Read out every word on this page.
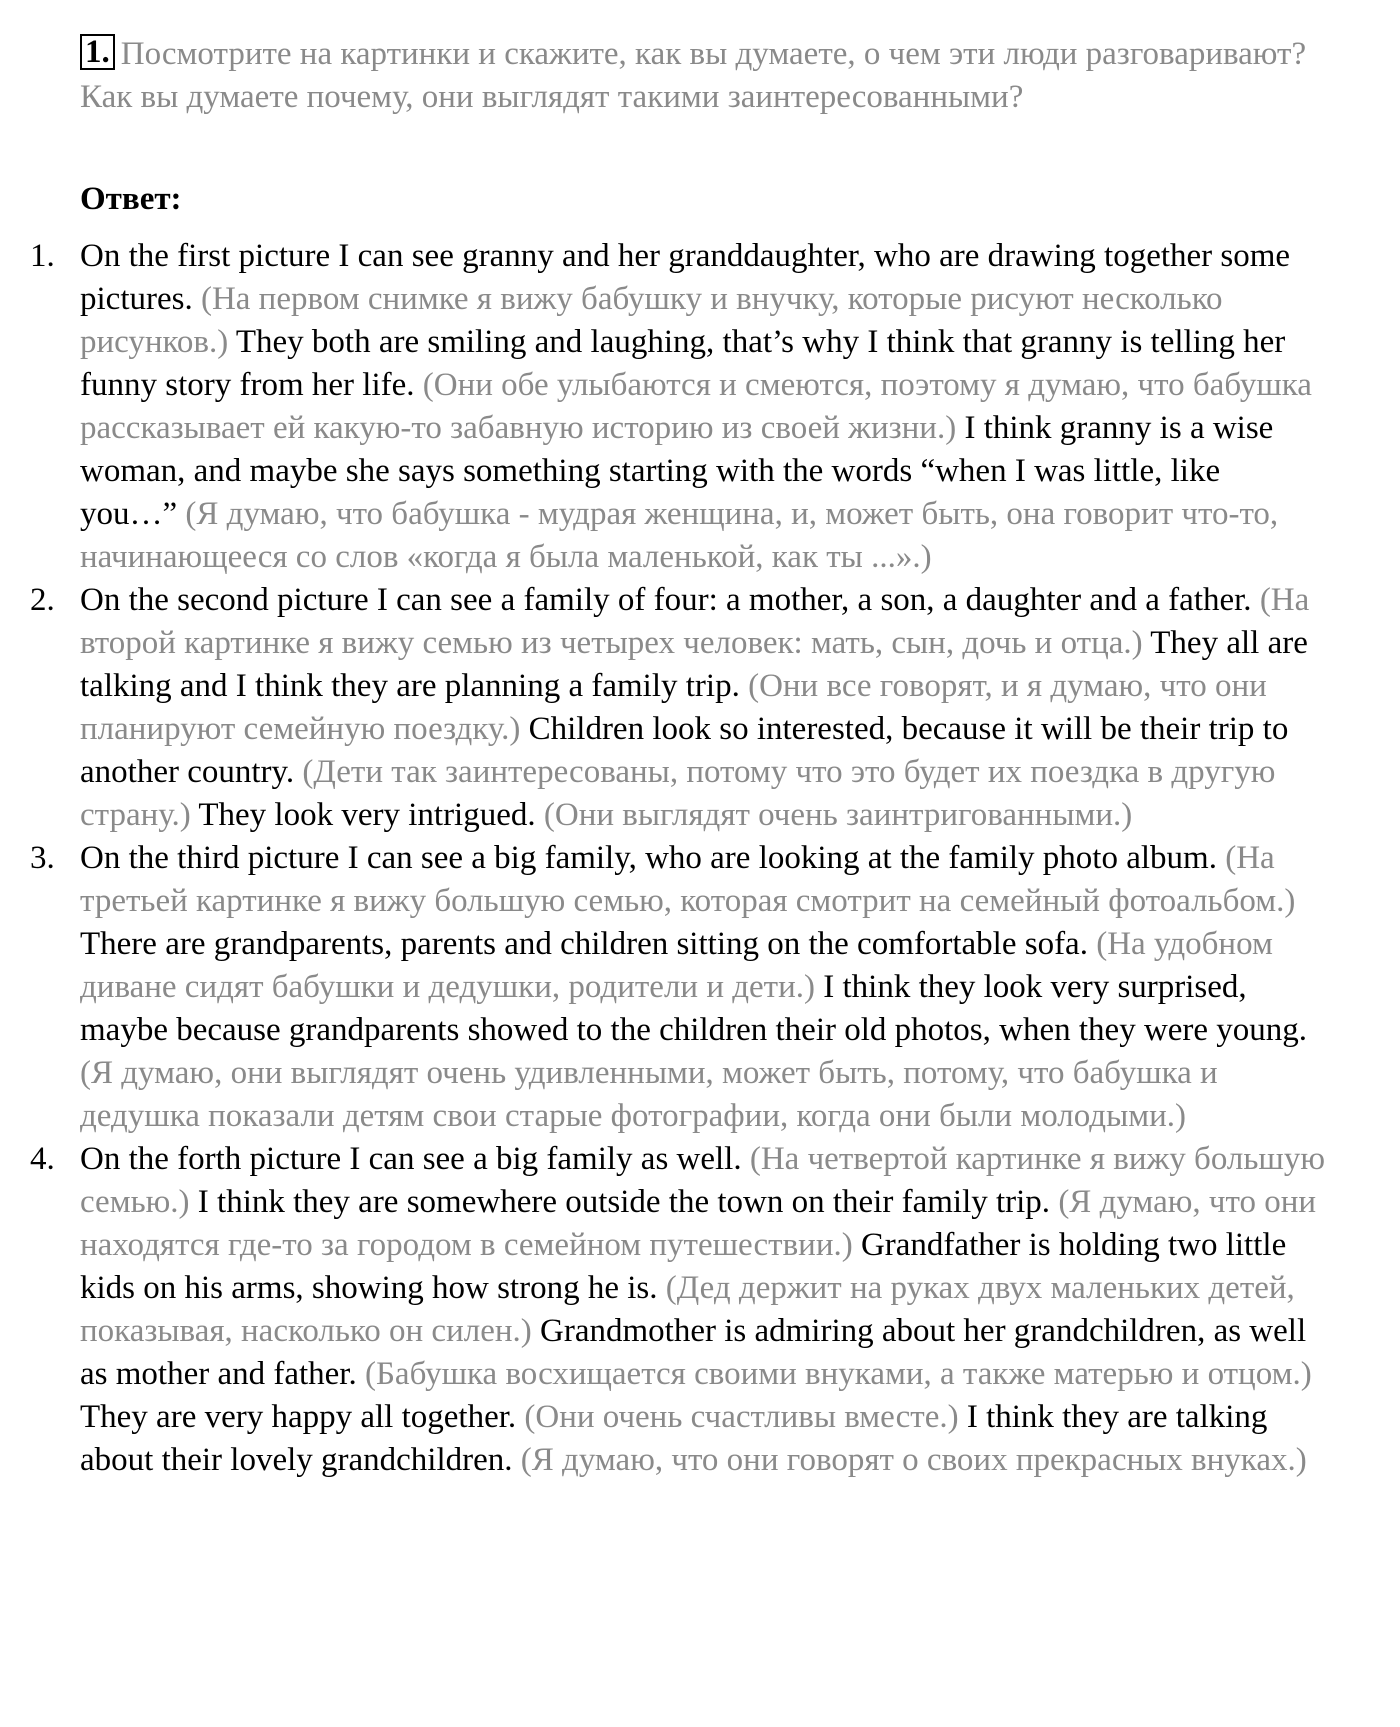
1. Посмотрите на картинки и скажите, как вы думаете, о чем эти люди разговаривают? Как вы думаете почему, они выглядят такими заинтересованными?
Ответ:
1. On the first picture I can see granny and her granddaughter, who are drawing together some pictures. (На первом снимке я вижу бабушку и внучку, которые рисуют несколько рисунков.) They both are smiling and laughing, that’s why I think that granny is telling her funny story from her life. (Они обе улыбаются и смеются, поэтому я думаю, что бабушка рассказывает ей какую-то забавную историю из своей жизни.) I think granny is a wise woman, and maybe she says something starting with the words “when I was little, like you…” (Я думаю, что бабушка - мудрая женщина, и, может быть, она говорит что-то, начинающееся со слов «когда я была маленькой, как ты ...».)
2. On the second picture I can see a family of four: a mother, a son, a daughter and a father. (На второй картинке я вижу семью из четырех человек: мать, сын, дочь и отца.) They all are talking and I think they are planning a family trip. (Они все говорят, и я думаю, что они планируют семейную поездку.) Children look so interested, because it will be their trip to another country. (Дети так заинтересованы, потому что это будет их поездка в другую страну.) They look very intrigued. (Они выглядят очень заинтригованными.)
3. On the third picture I can see a big family, who are looking at the family photo album. (На третьей картинке я вижу большую семью, которая смотрит на семейный фотоальбом.) There are grandparents, parents and children sitting on the comfortable sofa. (На удобном диване сидят бабушки и дедушки, родители и дети.) I think they look very surprised, maybe because grandparents showed to the children their old photos, when they were young. (Я думаю, они выглядят очень удивленными, может быть, потому, что бабушка и дедушка показали детям свои старые фотографии, когда они были молодыми.)
4. On the forth picture I can see a big family as well. (На четвертой картинке я вижу большую семью.) I think they are somewhere outside the town on their family trip. (Я думаю, что они находятся где-то за городом в семейном путешествии.) Grandfather is holding two little kids on his arms, showing how strong he is. (Дед держит на руках двух маленьких детей, показывая, насколько он силен.) Grandmother is admiring about her grandchildren, as well as mother and father. (Бабушка восхищается своими внуками, а также матерью и отцом.) They are very happy all together. (Они очень счастливы вместе.) I think they are talking about their lovely grandchildren. (Я думаю, что они говорят о своих прекрасных внуках.)
